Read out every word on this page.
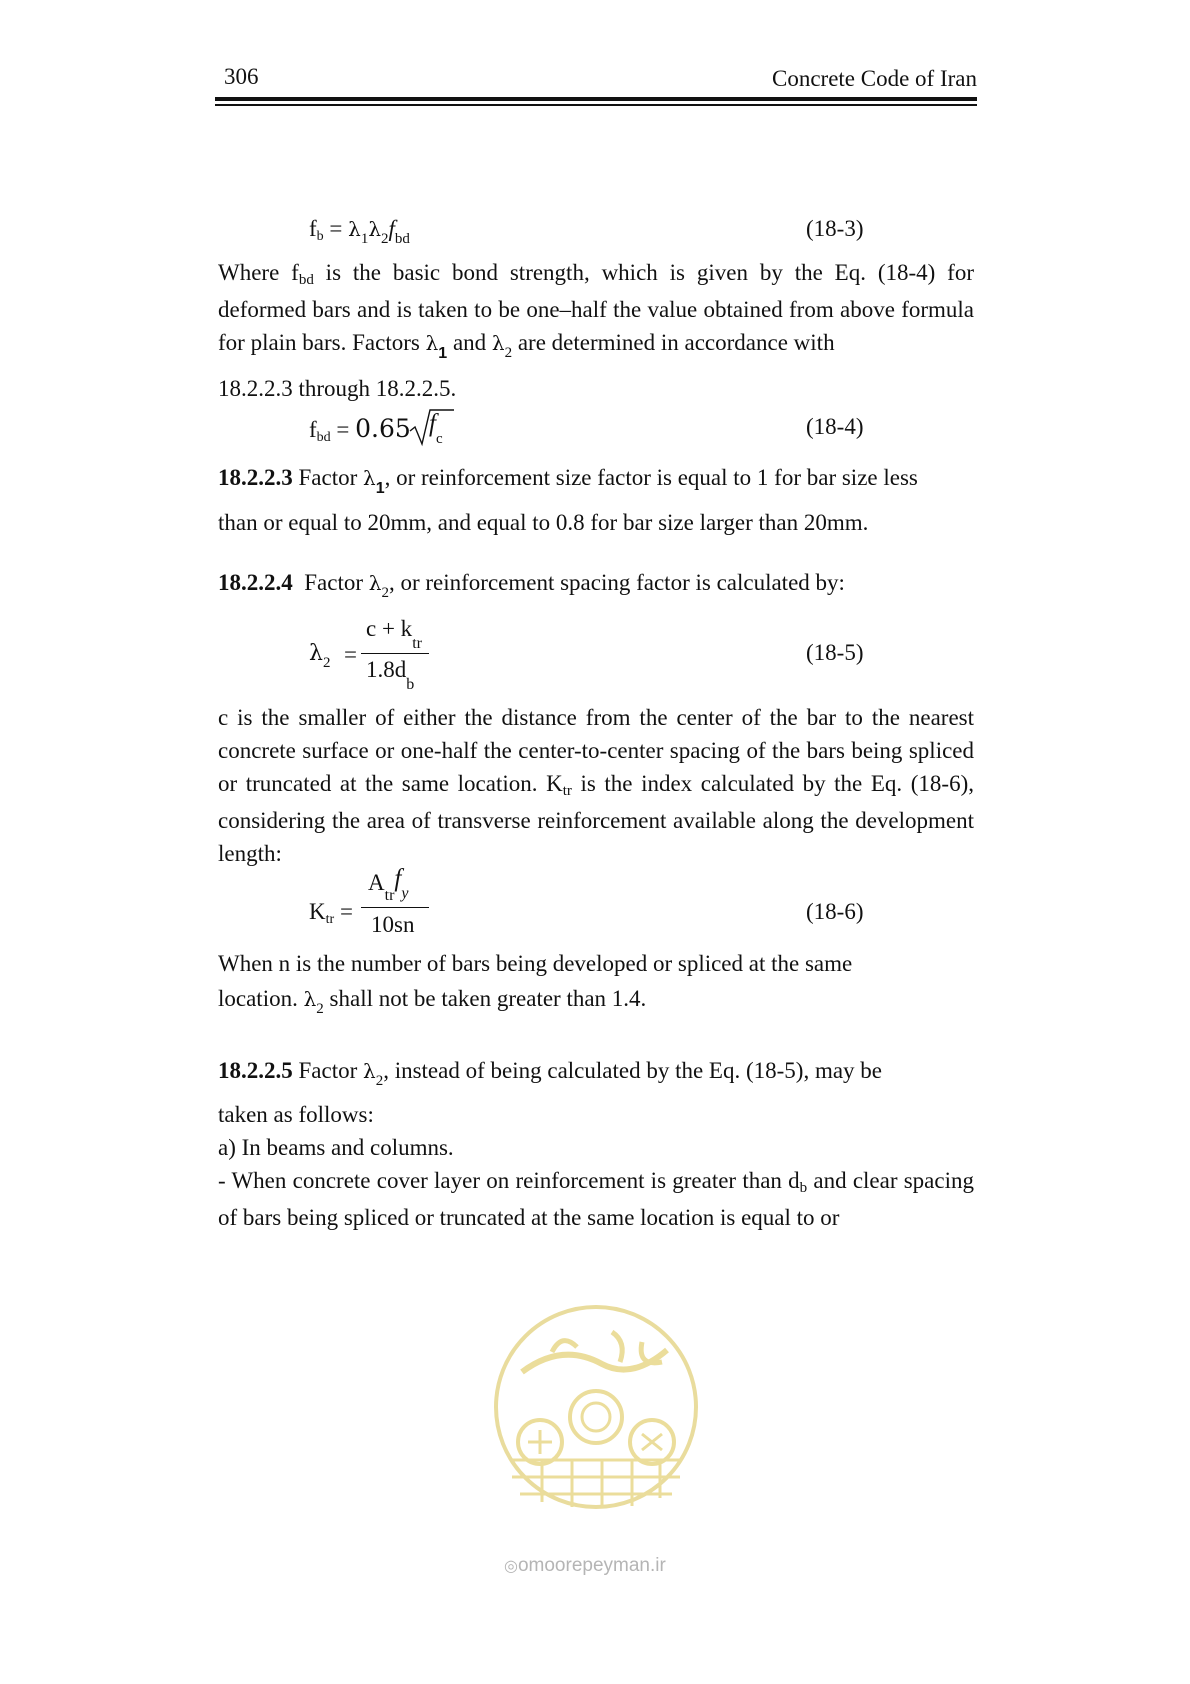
306	Concrete Code of Iran
fb = $\lambda_1\lambda_2f_{bd}$	(18-3)
Where fbd is the basic bond strength, which is given by the Eq. (18-4) for deformed bars and is taken to be one–half the value obtained from above formula for plain bars. Factors $\lambda_1$ and $\lambda_2$ are determined in accordance with
18.2.2.3 through 18.2.2.5.
fbd = 0.65 $f_c$	(18-4)
18.2.2.3 Factor $\lambda_1$, or reinforcement size factor is equal to 1 for bar size less
than or equal to 20mm, and equal to 0.8 for bar size larger than 20mm.
18.2.2.4  Factor $\lambda_2$, or reinforcement spacing factor is calculated by:
$\lambda_2$ =
$c + k_{tr}$
$1.8d_b$
(18-5)
c is the smaller of either the distance from the center of the bar to the nearest concrete surface or one-half the center-to-center spacing of the bars being spliced or truncated at the same location. Ktr is the index calculated by the Eq. (18-6), considering the area of transverse reinforcement available along the development length:
Ktr =
$A_{tr}f_y$
10sn
(18-6)
When n is the number of bars being developed or spliced at the same
location. $\lambda_2$ shall not be taken greater than 1.4.
18.2.2.5 Factor $\lambda_2$, instead of being calculated by the Eq. (18-5), may be
taken as follows:
a) In beams and columns.
- When concrete cover layer on reinforcement is greater than db and clear spacing of bars being spliced or truncated at the same location is equal to or
◎omoorepeyman.ir
